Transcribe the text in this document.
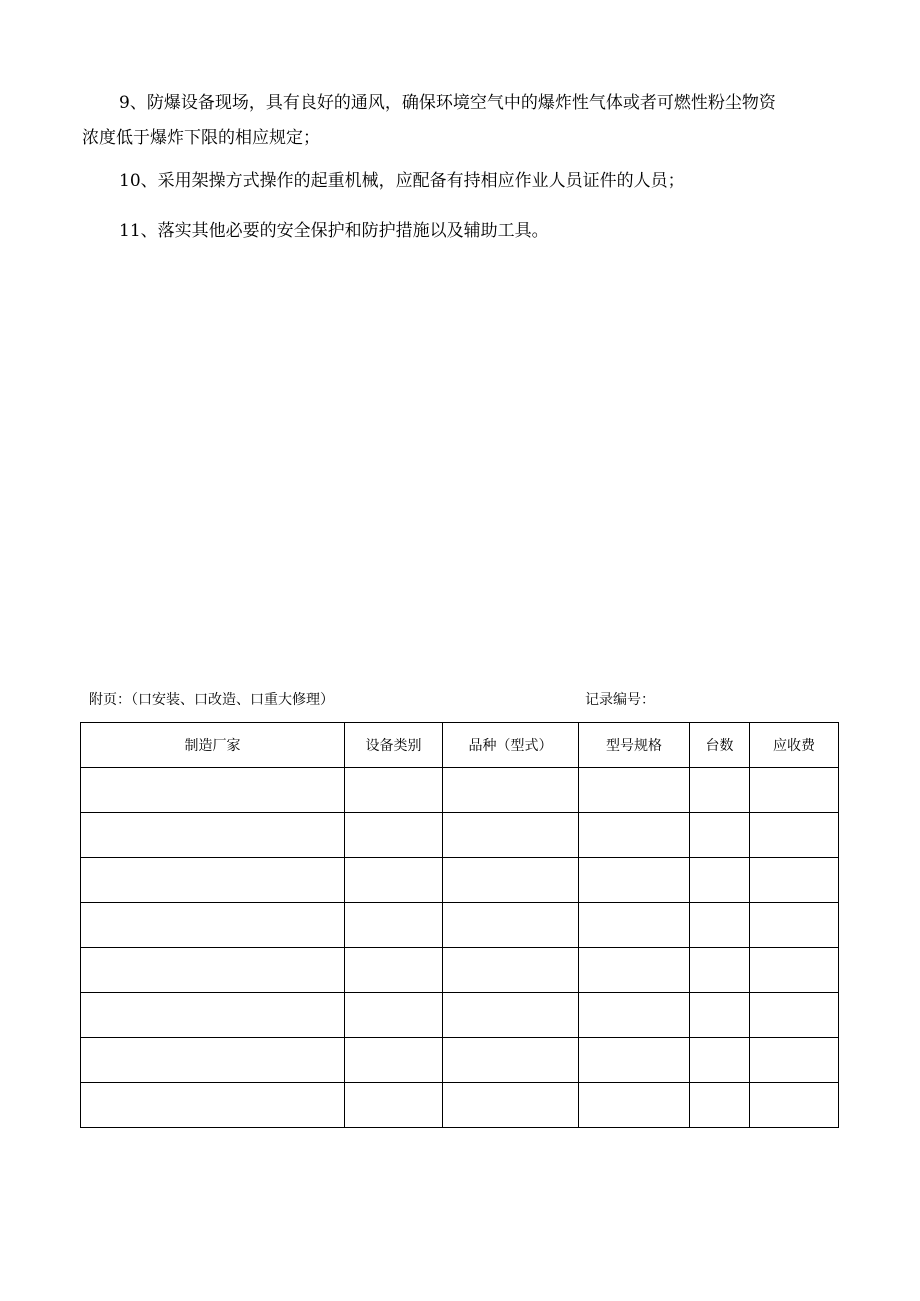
9、防爆设备现场，具有良好的通风，确保环境空气中的爆炸性气体或者可燃性粉尘物资

浓度低于爆炸下限的相应规定；

10、采用架操方式操作的起重机械，应配备有持相应作业人员证件的人员；

11、落实其他必要的安全保护和防护措施以及辅助工具。

附页：（口安装、口改造、口重大修理）	记录编号：
制造厂家	设备类别	品种（型式）	型号规格	台数	应收费
